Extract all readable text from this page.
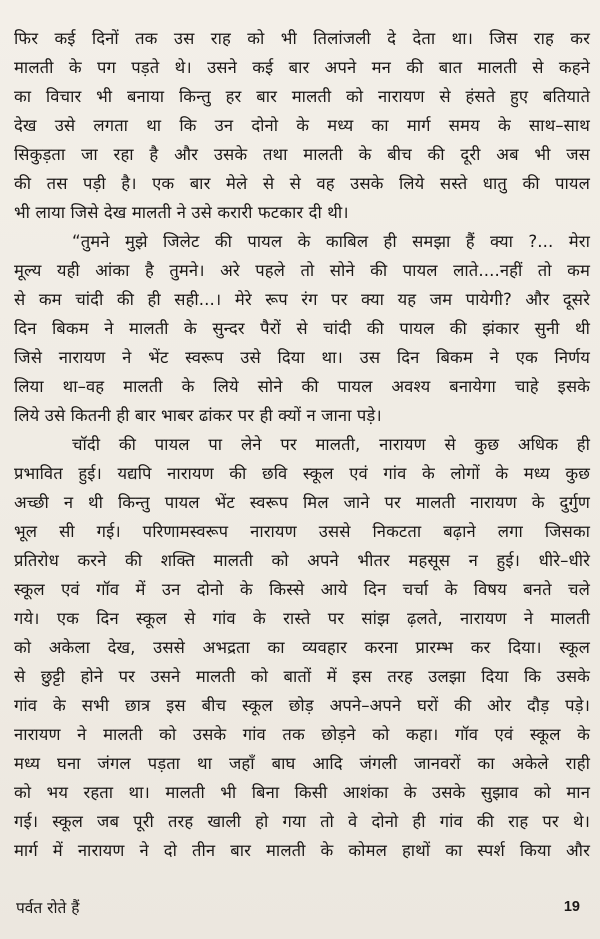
फिर कई दिनों तक उस राह को भी तिलांजली दे देता था। जिस राह कर
मालती के पग पड़ते थे। उसने कई बार अपने मन की बात मालती से कहने
का विचार भी बनाया किन्तु हर बार मालती को नारायण से हंसते हुए बतियाते
देख उसे लगता था कि उन दोनो के मध्य का मार्ग समय के साथ–साथ
सिकुड़ता जा रहा है और उसके तथा मालती के बीच की दूरी अब भी जस
की तस पड़ी है। एक बार मेले से से वह उसके लिये सस्ते धातु की पायल
भी लाया जिसे देख मालती ने उसे करारी फटकार दी थी।
“तुमने मुझे जिलेट की पायल के काबिल ही समझा हैं क्या ?... मेरा
मूल्य यही आंका है तुमने। अरे पहले तो सोने की पायल लाते....नहीं तो कम
से कम चांदी की ही सही...। मेरे रूप रंग पर क्या यह जम पायेगी? और दूसरे
दिन बिकम ने मालती के सुन्दर पैरों से चांदी की पायल की झंकार सुनी थी
जिसे नारायण ने भेंट स्वरूप उसे दिया था। उस दिन बिकम ने एक निर्णय
लिया था–वह मालती के लिये सोने की पायल अवश्य बनायेगा चाहे इसके
लिये उसे कितनी ही बार भाबर ढांकर पर ही क्यों न जाना पड़े।
चॉदी की पायल पा लेने पर मालती, नारायण से कुछ अधिक ही
प्रभावित हुई। यद्यपि नारायण की छवि स्कूल एवं गांव के लोगों के मध्य कुछ
अच्छी न थी किन्तु पायल भेंट स्वरूप मिल जाने पर मालती नारायण के दुर्गुण
भूल सी गई। परिणामस्वरूप नारायण उससे निकटता बढ़ाने लगा जिसका
प्रतिरोध करने की शक्ति मालती को अपने भीतर महसूस न हुई। धीरे–धीरे
स्कूल एवं गॉव में उन दोनो के किस्से आये दिन चर्चा के विषय बनते चले
गये। एक दिन स्कूल से गांव के रास्ते पर सांझ ढ़लते, नारायण ने मालती
को अकेला देख, उससे अभद्रता का व्यवहार करना प्रारम्भ कर दिया। स्कूल
से छुट्टी होने पर उसने मालती को बातों में इस तरह उलझा दिया कि उसके
गांव के सभी छात्र इस बीच स्कूल छोड़ अपने–अपने घरों की ओर दौड़ पड़े।
नारायण ने मालती को उसके गांव तक छोड़ने को कहा। गॉव एवं स्कूल के
मध्य घना जंगल पड़ता था जहॉं बाघ आदि जंगली जानवरों का अकेले राही
को भय रहता था। मालती भी बिना किसी आशंका के उसके सुझाव को मान
गई। स्कूल जब पूरी तरह खाली हो गया तो वे दोनो ही गांव की राह पर थे।
मार्ग में नारायण ने दो तीन बार मालती के कोमल हाथों का स्पर्श किया और
पर्वत रोते हैं	19
